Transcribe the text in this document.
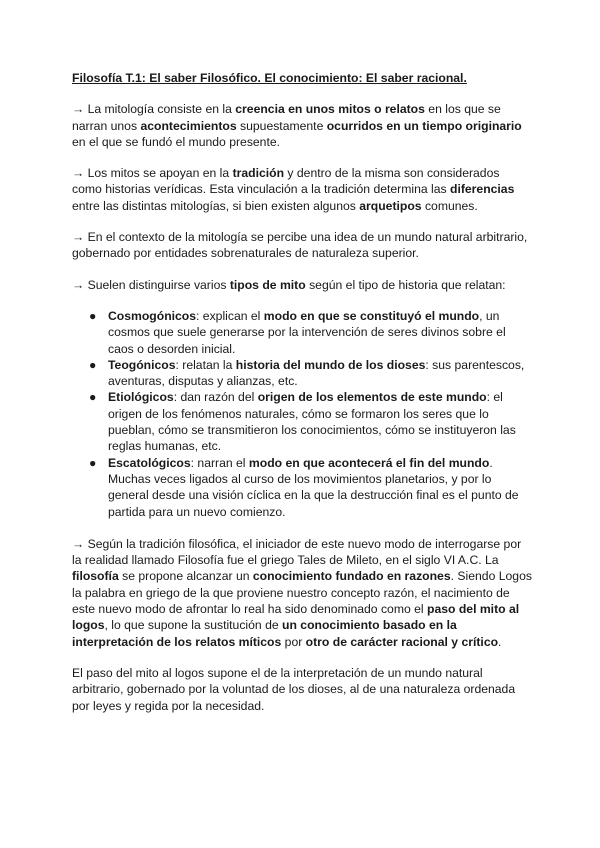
Filosofía T.1: El saber Filosófico. El conocimiento: El saber racional.

→ La mitología consiste en la creencia en unos mitos o relatos en los que se narran unos acontecimientos supuestamente ocurridos en un tiempo originario en el que se fundó el mundo presente.

→ Los mitos se apoyan en la tradición y dentro de la misma son considerados como historias verídicas. Esta vinculación a la tradición determina las diferencias entre las distintas mitologías, si bien existen algunos arquetipos comunes.

→ En el contexto de la mitología se percibe una idea de un mundo natural arbitrario, gobernado por entidades sobrenaturales de naturaleza superior.

→ Suelen distinguirse varios tipos de mito según el tipo de historia que relatan:

● Cosmogónicos: explican el modo en que se constituyó el mundo, un cosmos que suele generarse por la intervención de seres divinos sobre el caos o desorden inicial.
● Teogónicos: relatan la historia del mundo de los dioses: sus parentescos, aventuras, disputas y alianzas, etc.
● Etiológicos: dan razón del origen de los elementos de este mundo: el origen de los fenómenos naturales, cómo se formaron los seres que lo pueblan, cómo se transmitieron los conocimientos, cómo se instituyeron las reglas humanas, etc.
● Escatológicos: narran el modo en que acontecerá el fin del mundo. Muchas veces ligados al curso de los movimientos planetarios, y por lo general desde una visión cíclica en la que la destrucción final es el punto de partida para un nuevo comienzo.

→ Según la tradición filosófica, el iniciador de este nuevo modo de interrogarse por la realidad llamado Filosofía fue el griego Tales de Mileto, en el siglo VI A.C. La filosofía se propone alcanzar un conocimiento fundado en razones. Siendo Logos la palabra en griego de la que proviene nuestro concepto razón, el nacimiento de este nuevo modo de afrontar lo real ha sido denominado como el paso del mito al logos, lo que supone la sustitución de un conocimiento basado en la interpretación de los relatos míticos por otro de carácter racional y crítico.

El paso del mito al logos supone el de la interpretación de un mundo natural arbitrario, gobernado por la voluntad de los dioses, al de una naturaleza ordenada por leyes y regida por la necesidad.
